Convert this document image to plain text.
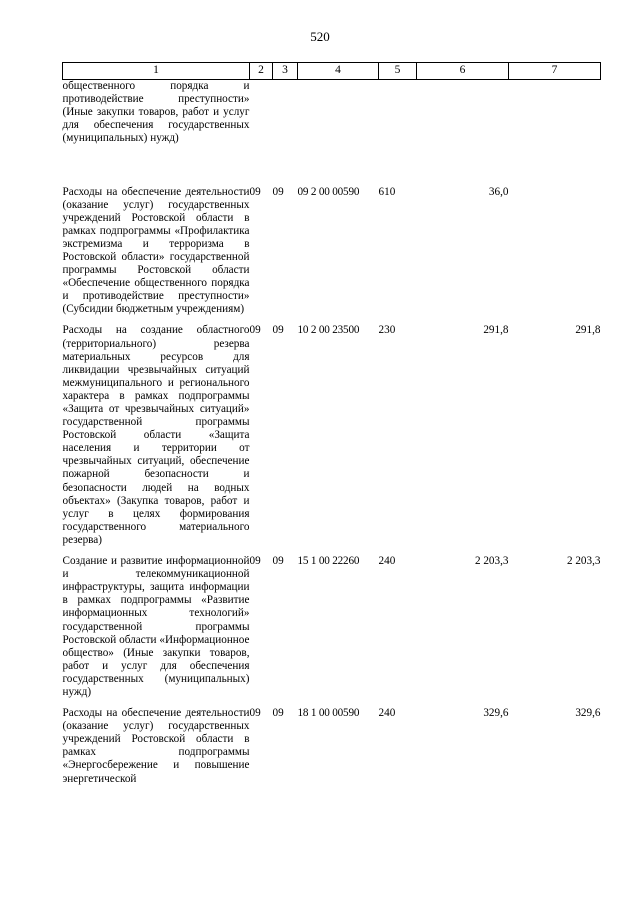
520
1	2	3	4	5	6	7
общественного порядка и противодействие преступности» (Иные закупки товаров, работ и услуг для обеспечения государственных (муниципальных) нужд)						
Расходы на обеспечение деятельности (оказание услуг) государственных учреждений Ростовской области в рамках подпрограммы «Профилактика экстремизма и терроризма в Ростовской области» государственной программы Ростовской области «Обеспечение общественного порядка и противодействие преступности» (Субсидии бюджетным учреждениям)	09	09	09 2 00 00590	610	36,0	
Расходы на создание областного (территориального) резерва материальных ресурсов для ликвидации чрезвычайных ситуаций межмуниципального и регионального характера в рамках подпрограммы «Защита от чрезвычайных ситуаций» государственной программы Ростовской области «Защита населения и территории от чрезвычайных ситуаций, обеспечение пожарной безопасности и безопасности людей на водных объектах» (Закупка товаров, работ и услуг в целях формирования государственного материального резерва)	09	09	10 2 00 23500	230	291,8	291,8
Создание и развитие информационной и телекоммуникационной инфраструктуры, защита информации в рамках подпрограммы «Развитие информационных технологий» государственной программы Ростовской области «Информационное общество» (Иные закупки товаров, работ и услуг для обеспечения государственных (муниципальных) нужд)	09	09	15 1 00 22260	240	2 203,3	2 203,3
Расходы на обеспечение деятельности (оказание услуг) государственных учреждений Ростовской области в рамках подпрограммы «Энергосбережение и повышение энергетической	09	09	18 1 00 00590	240	329,6	329,6
